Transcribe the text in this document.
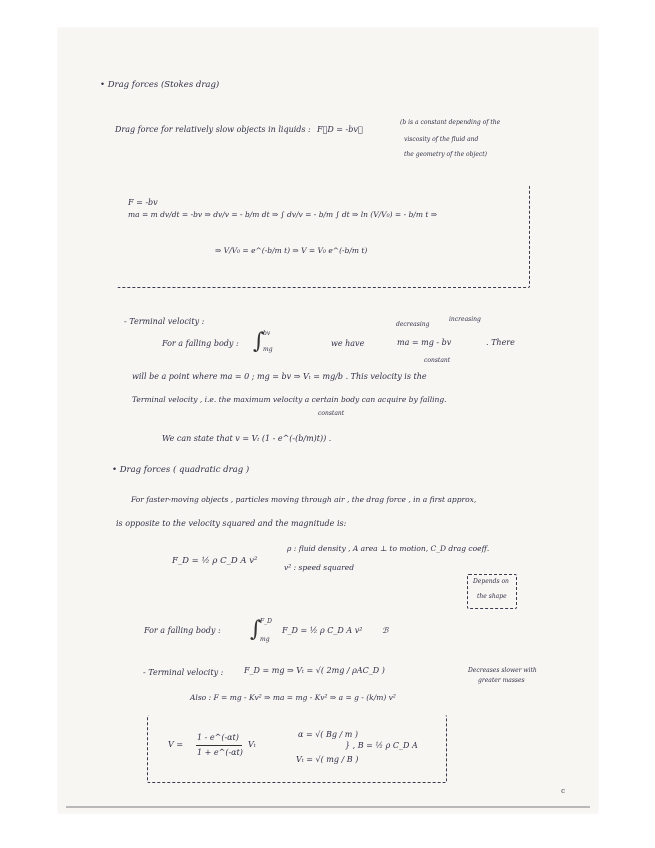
• Drag forces (Stokes drag)
Drag force for relatively slow objects in liquids : F⃗D = -bv⃗
(b is a constant depending of the
viscosity of the fluid and
the geometry of the object)
F = -bv
ma = m dv/dt = -bv ⇒ dv/v = - b/m dt ⇒ ∫ dv/v = - b/m ∫ dt ⇒ ln (V/V₀) = - b/m t ⇒
⇒ V/V₀ = e^(-b/m t) ⇒ V = V₀ e^(-b/m t)
- Terminal velocity :
For a falling body : ∫
bv
mg
we have
decreasing
increasing
ma = mg - bv
constant
. There
will be a point where ma = 0 ; mg = bv ⇒ Vₜ = mg/b . This velocity is the
Terminal velocity , i.e. the maximum velocity a certain body can acquire by falling.
constant
We can state that v = Vₜ (1 - e^(-(b/m)t)) .
• Drag forces ( quadratic drag )
For faster-moving objects , particles moving through air , the drag force , in a first approx,
is opposite to the velocity squared and the magnitude is:
F_D = ½ ρ C_D A v²
ρ : fluid density , A area ⊥ to motion, C_D drag coeff.
v² : speed squared
Depends on
the shape
For a falling body : ∫
F_D
mg
F_D = ½ ρ C_D A v² ℬ
- Terminal velocity :	F_D = mg ⇒ Vₜ = √( 2mg / ρAC_D )	Decreases slower with
greater masses
Also : F = mg - Kv² ⇒ ma = mg - Kv² ⇒ a = g - (k/m) v²
V =
1 - e^(-αt)
1 + e^(-αt)
Vₜ
α = √( Bg / m )
Vₜ = √( mg / B )
} , B = ½ ρ C_D A
c
